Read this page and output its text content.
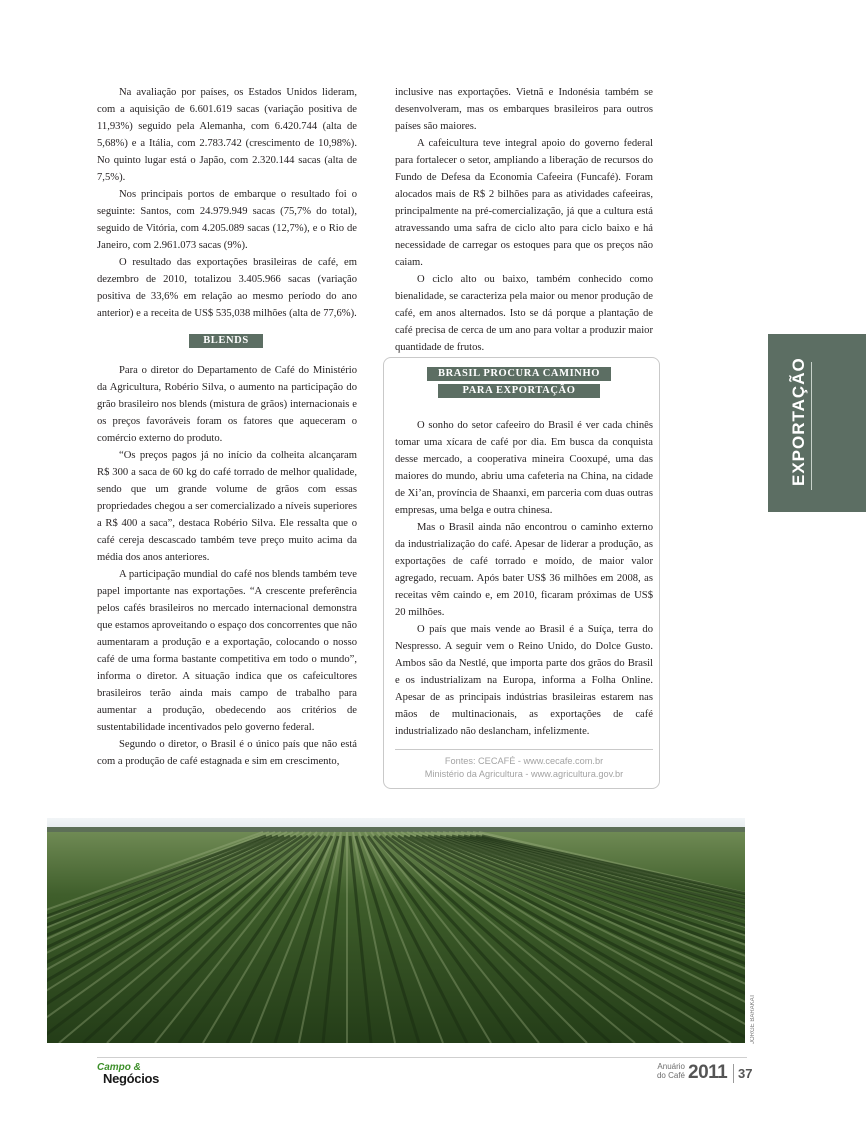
Na avaliação por países, os Estados Unidos lideram, com a aquisição de 6.601.619 sacas (variação positiva de 11,93%) seguido pela Alemanha, com 6.420.744 (alta de 5,68%) e a Itália, com 2.783.742 (crescimento de 10,98%). No quinto lugar está o Japão, com 2.320.144 sacas (alta de 7,5%).

Nos principais portos de embarque o resultado foi o seguinte: Santos, com 24.979.949 sacas (75,7% do total), seguido de Vitória, com 4.205.089 sacas (12,7%), e o Rio de Janeiro, com 2.961.073 sacas (9%).

O resultado das exportações brasileiras de café, em dezembro de 2010, totalizou 3.405.966 sacas (variação positiva de 33,6% em relação ao mesmo período do ano anterior) e a receita de US$ 535,038 milhões (alta de 77,6%).

BLENDS

Para o diretor do Departamento de Café do Ministério da Agricultura, Robério Silva, o aumento na participação do grão brasileiro nos blends (mistura de grãos) internacionais e os preços favoráveis foram os fatores que aqueceram o comércio externo do produto.

“Os preços pagos já no início da colheita alcançaram R$ 300 a saca de 60 kg do café torrado de melhor qualidade, sendo que um grande volume de grãos com essas propriedades chegou a ser comercializado a níveis superiores a R$ 400 a saca”, destaca Robério Silva. Ele ressalta que o café cereja descascado também teve preço muito acima da média dos anos anteriores.

A participação mundial do café nos blends também teve papel importante nas exportações. “A crescente preferência pelos cafés brasileiros no mercado internacional demonstra que estamos aproveitando o espaço dos concorrentes que não aumentaram a produção e a exportação, colocando o nosso café de uma forma bastante competitiva em todo o mundo”, informa o diretor. A situação indica que os cafeicultores brasileiros terão ainda mais campo de trabalho para aumentar a produção, obedecendo aos critérios de sustentabilidade incentivados pelo governo federal.

Segundo o diretor, o Brasil é o único país que não está com a produção de café estagnada e sim em crescimento,

inclusive nas exportações. Vietnã e Indonésia também se desenvolveram, mas os embarques brasileiros para outros países são maiores.

A cafeicultura teve integral apoio do governo federal para fortalecer o setor, ampliando a liberação de recursos do Fundo de Defesa da Economia Cafeeira (Funcafé). Foram alocados mais de R$ 2 bilhões para as atividades cafeeiras, principalmente na pré-comercialização, já que a cultura está atravessando uma safra de ciclo alto para ciclo baixo e há necessidade de carregar os estoques para que os preços não caiam.

O ciclo alto ou baixo, também conhecido como bienalidade, se caracteriza pela maior ou menor produção de café, em anos alternados. Isto se dá porque a plantação de café precisa de cerca de um ano para voltar a produzir maior quantidade de frutos.

BRASIL PROCURA CAMINHO
PARA EXPORTAÇÃO

O sonho do setor cafeeiro do Brasil é ver cada chinês tomar uma xícara de café por dia. Em busca da conquista desse mercado, a cooperativa mineira Cooxupé, uma das maiores do mundo, abriu uma cafeteria na China, na cidade de Xi’an, província de Shaanxi, em parceria com duas outras empresas, uma belga e outra chinesa.

Mas o Brasil ainda não encontrou o caminho externo da industrialização do café. Apesar de liderar a produção, as exportações de café torrado e moído, de maior valor agregado, recuam. Após bater US$ 36 milhões em 2008, as receitas vêm caindo e, em 2010, ficaram próximas de US$ 20 milhões.

O país que mais vende ao Brasil é a Suíça, terra do Nespresso. A seguir vem o Reino Unido, do Dolce Gusto. Ambos são da Nestlé, que importa parte dos grãos do Brasil e os industrializam na Europa, informa a Folha Online. Apesar de as principais indústrias brasileiras estarem nas mãos de multinacionais, as exportações de café industrializado não deslancham, infelizmente.

Fontes: CECAFÉ - www.cecafe.com.br
Ministério da Agricultura - www.agricultura.gov.br
EXPORTAÇÃO
JORGE BARAKAT
Campo &
Negócios
Anuário
do Café 2011 37
